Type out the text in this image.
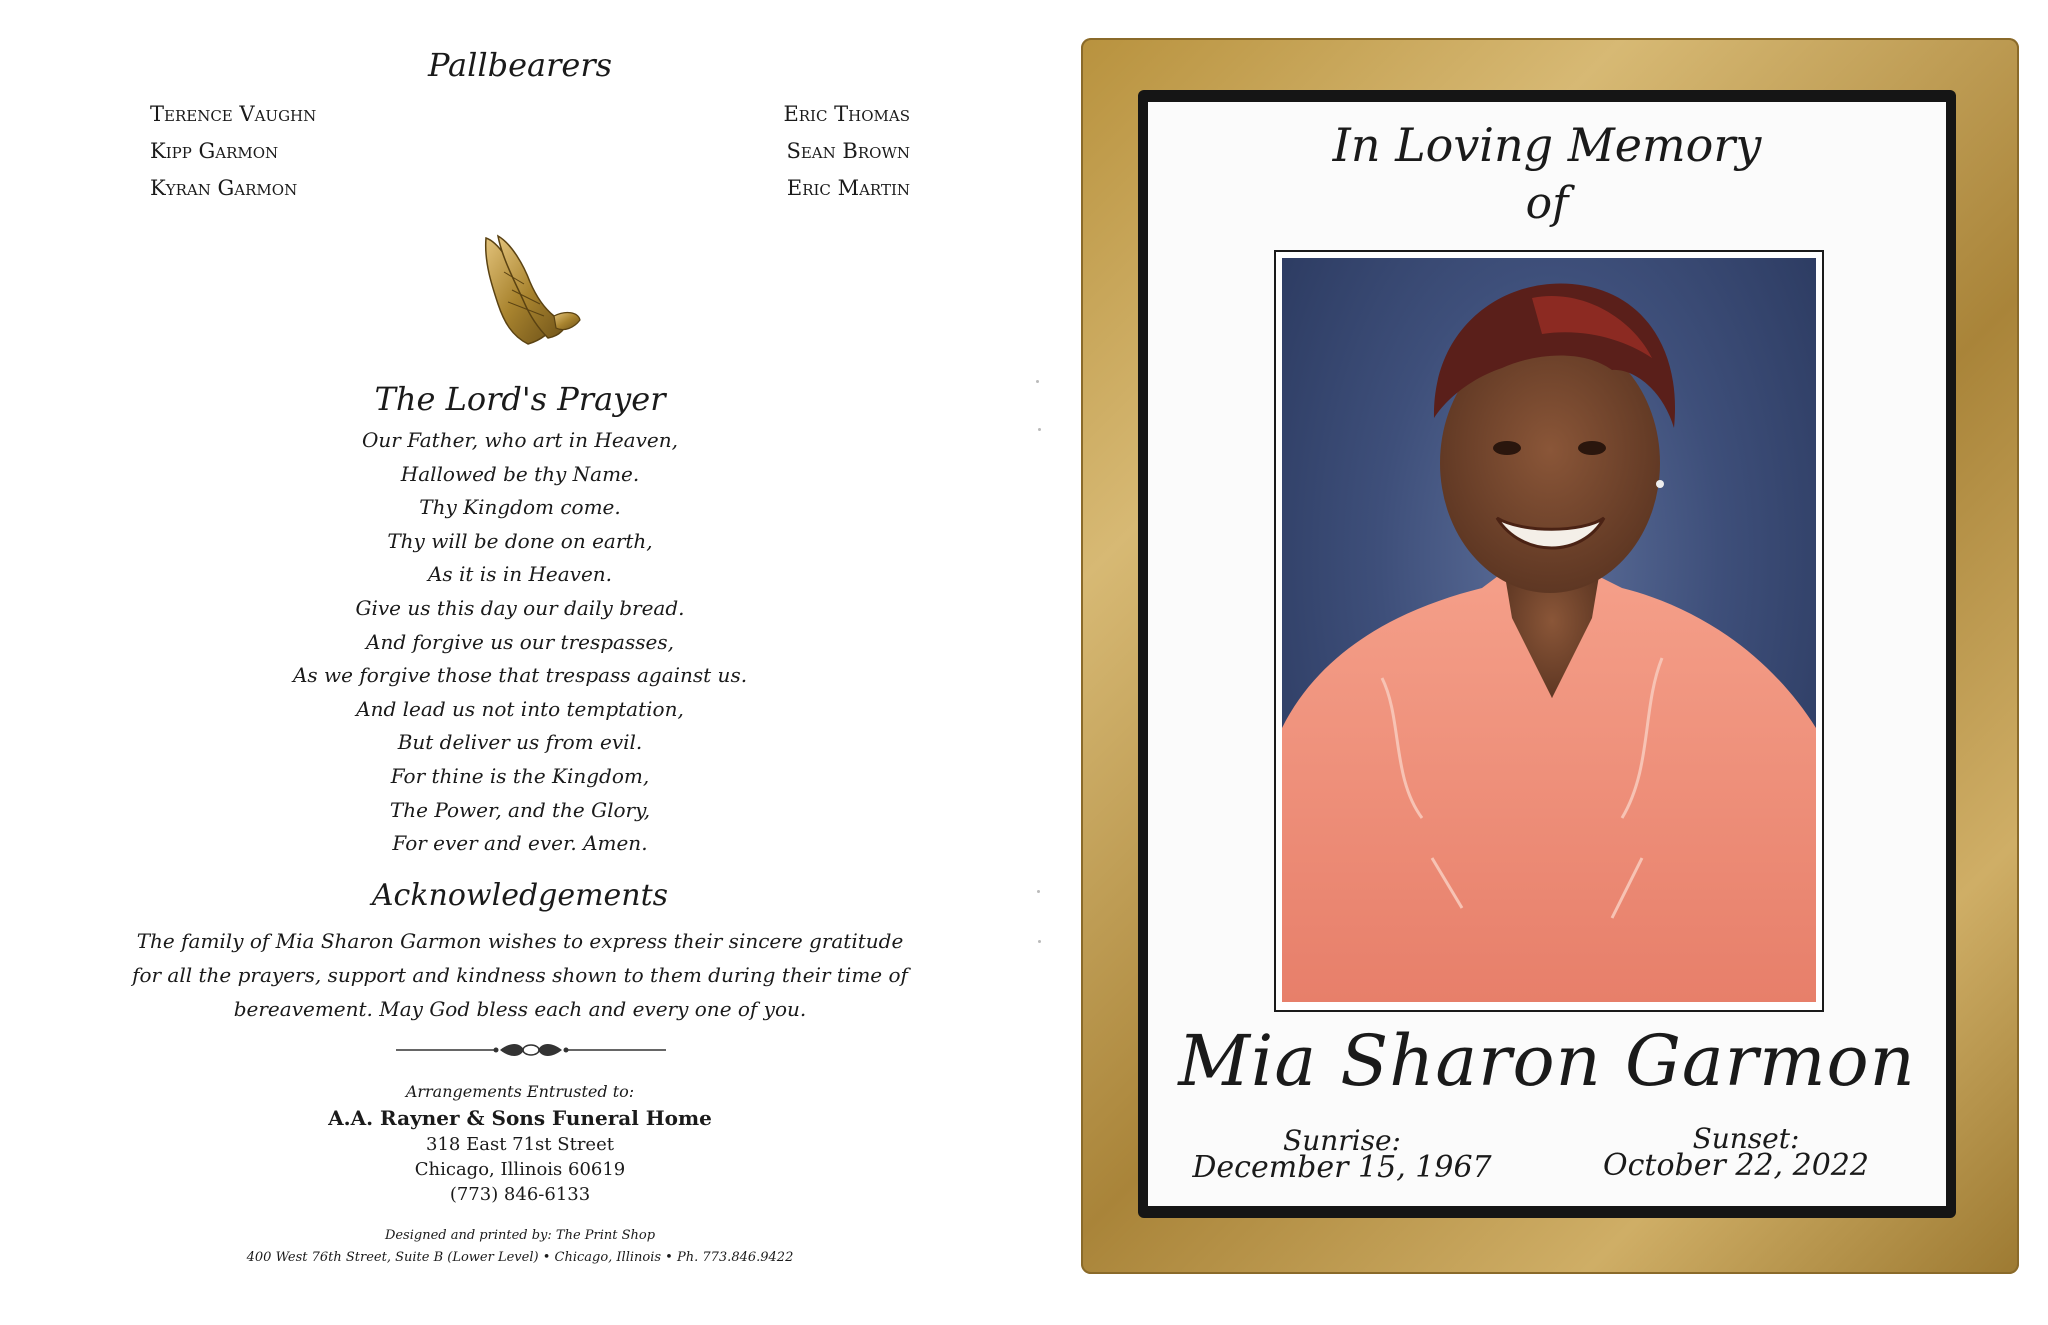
Pallbearers
Terence Vaughn
Kipp Garmon
Kyran Garmon
Eric Thomas
Sean Brown
Eric Martin
The Lord's Prayer
Our Father, who art in Heaven,
Hallowed be thy Name.
Thy Kingdom come.
Thy will be done on earth,
As it is in Heaven.
Give us this day our daily bread.
And forgive us our trespasses,
As we forgive those that trespass against us.
And lead us not into temptation,
But deliver us from evil.
For thine is the Kingdom,
The Power, and the Glory,
For ever and ever. Amen.
Acknowledgements
The family of Mia Sharon Garmon wishes to express their sincere gratitude for all the prayers, support and kindness shown to them during their time of bereavement. May God bless each and every one of you.
Arrangements Entrusted to:
A.A. Rayner & Sons Funeral Home
318 East 71st Street
Chicago, Illinois 60619
(773) 846-6133
Designed and printed by: The Print Shop
400 West 76th Street, Suite B (Lower Level) • Chicago, Illinois • Ph. 773.846.9422
In Loving Memory
of
Mia Sharon Garmon
Sunrise:
December 15, 1967
Sunset:
October 22, 2022
